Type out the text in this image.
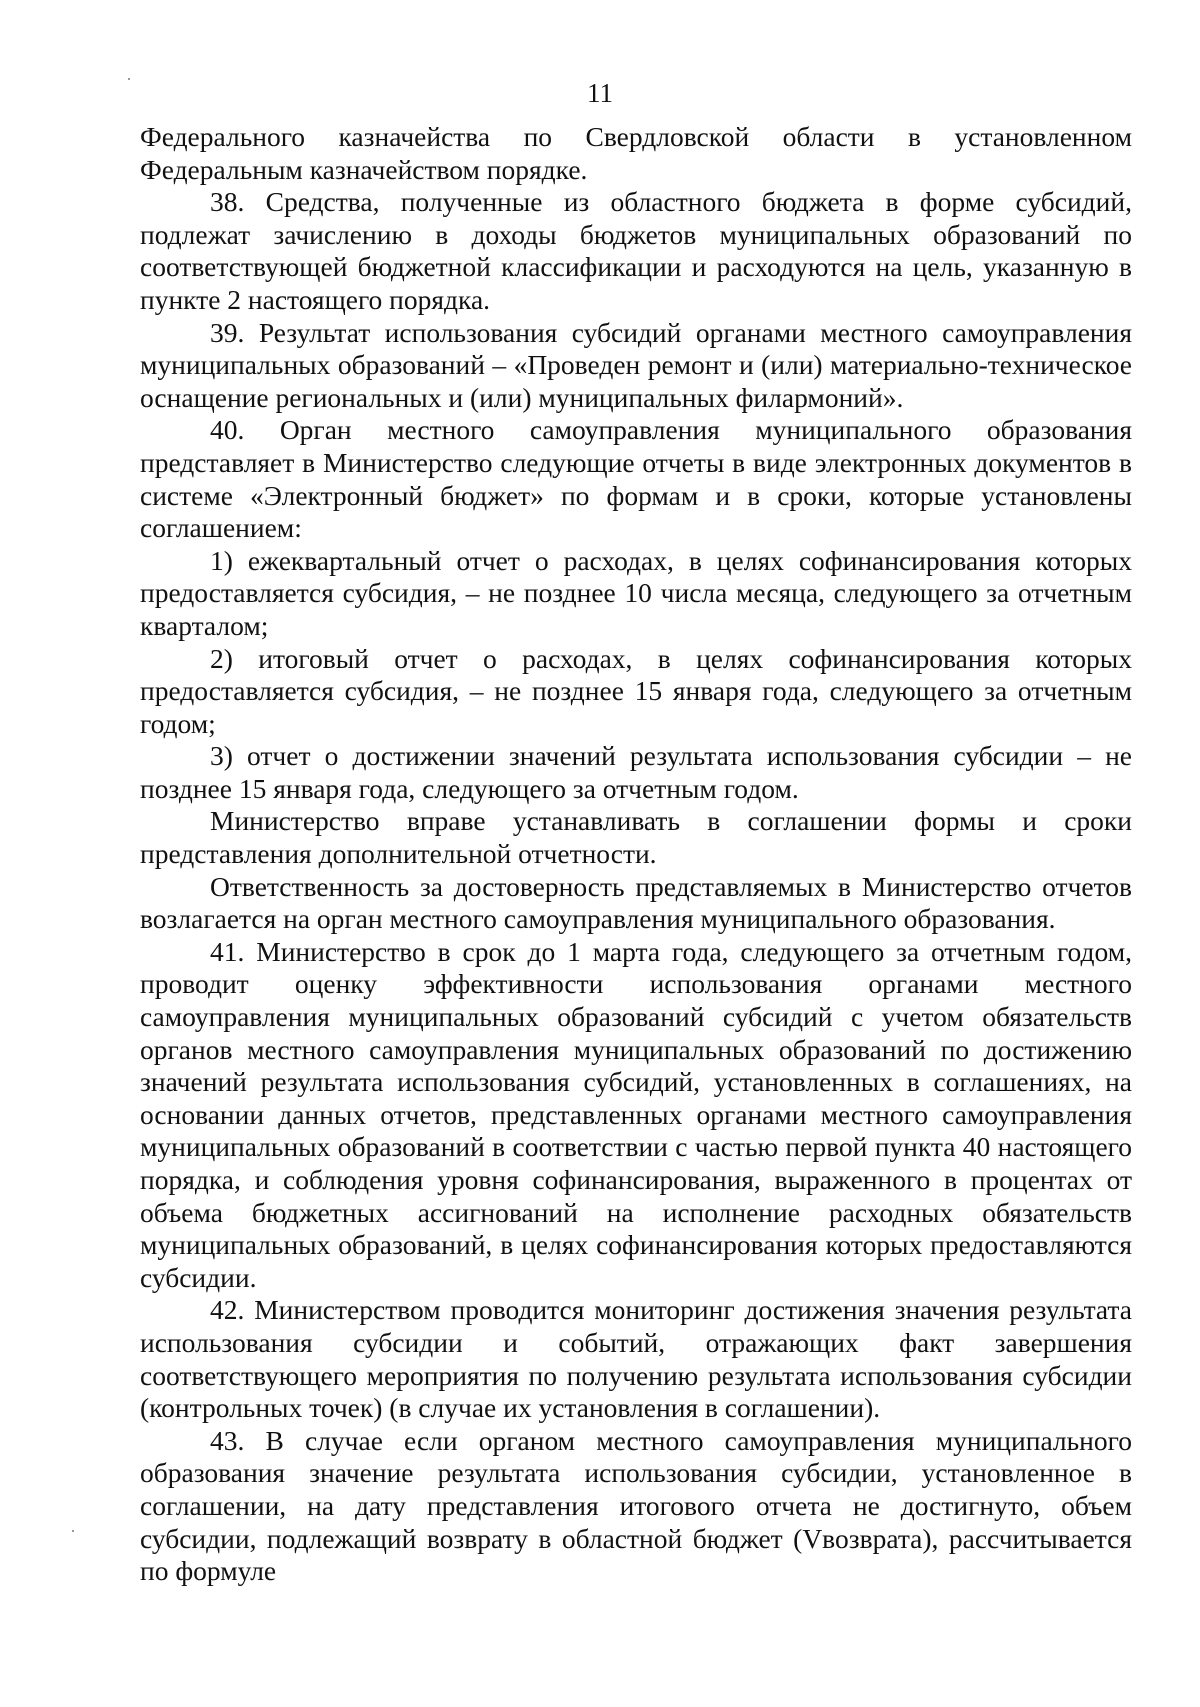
11

Федерального казначейства по Свердловской области в установленном Федеральным казначейством порядке.

38. Средства, полученные из областного бюджета в форме субсидий, подлежат зачислению в доходы бюджетов муниципальных образований по соответствующей бюджетной классификации и расходуются на цель, указанную в пункте 2 настоящего порядка.

39. Результат использования субсидий органами местного самоуправления муниципальных образований – «Проведен ремонт и (или) материально-техническое оснащение региональных и (или) муниципальных филармоний».

40. Орган местного самоуправления муниципального образования представляет в Министерство следующие отчеты в виде электронных документов в системе «Электронный бюджет» по формам и в сроки, которые установлены соглашением:

1) ежеквартальный отчет о расходах, в целях софинансирования которых предоставляется субсидия, – не позднее 10 числа месяца, следующего за отчетным кварталом;

2) итоговый отчет о расходах, в целях софинансирования которых предоставляется субсидия, – не позднее 15 января года, следующего за отчетным годом;

3) отчет о достижении значений результата использования субсидии – не позднее 15 января года, следующего за отчетным годом.

Министерство вправе устанавливать в соглашении формы и сроки представления дополнительной отчетности.

Ответственность за достоверность представляемых в Министерство отчетов возлагается на орган местного самоуправления муниципального образования.

41. Министерство в срок до 1 марта года, следующего за отчетным годом, проводит оценку эффективности использования органами местного самоуправления муниципальных образований субсидий с учетом обязательств органов местного самоуправления муниципальных образований по достижению значений результата использования субсидий, установленных в соглашениях, на основании данных отчетов, представленных органами местного самоуправления муниципальных образований в соответствии с частью первой пункта 40 настоящего порядка, и соблюдения уровня софинансирования, выраженного в процентах от объема бюджетных ассигнований на исполнение расходных обязательств муниципальных образований, в целях софинансирования которых предоставляются субсидии.

42. Министерством проводится мониторинг достижения значения результата использования субсидии и событий, отражающих факт завершения соответствующего мероприятия по получению результата использования субсидии (контрольных точек) (в случае их установления в соглашении).

43. В случае если органом местного самоуправления муниципального образования значение результата использования субсидии, установленное в соглашении, на дату представления итогового отчета не достигнуто, объем субсидии, подлежащий возврату в областной бюджет (Vвозврата), рассчитывается по формуле
